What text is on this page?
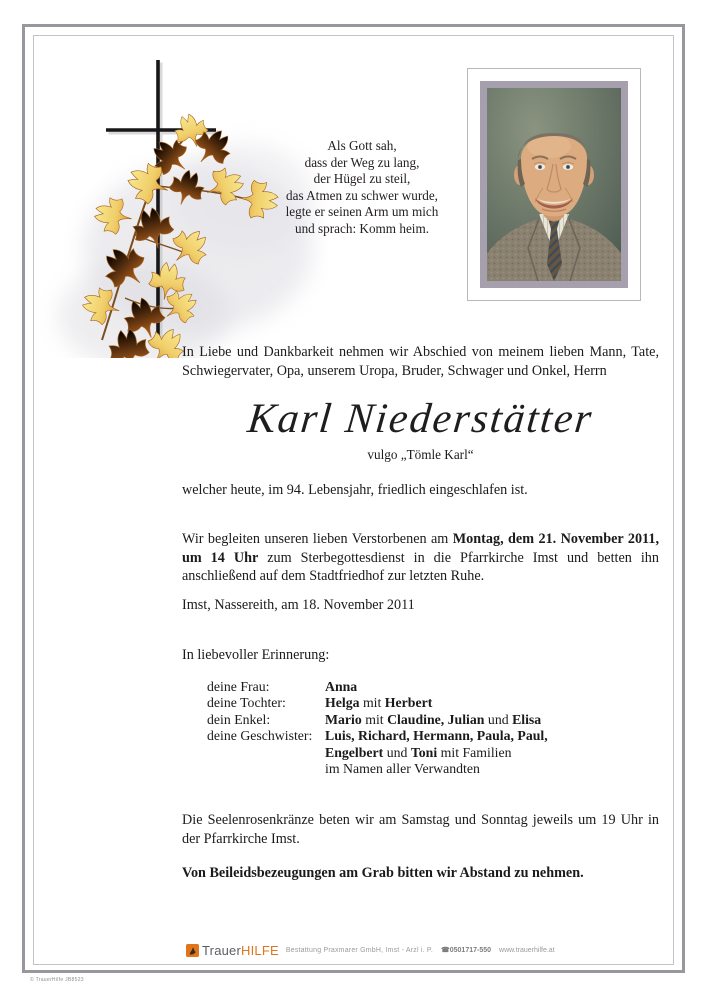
Als Gott sah,
dass der Weg zu lang,
der Hügel zu steil,
das Atmen zu schwer wurde,
legte er seinen Arm um mich
und sprach: Komm heim.
In Liebe und Dankbarkeit nehmen wir Abschied von meinem lieben Mann, Tate, Schwiegervater, Opa, unserem Uropa, Bruder, Schwager und Onkel, Herrn
Karl Niederstätter
vulgo „Tömle Karl“
welcher heute, im 94. Lebensjahr, friedlich eingeschlafen ist.
Wir begleiten unseren lieben Verstorbenen am Montag, dem 21. November 2011, um 14 Uhr zum Sterbegottesdienst in die Pfarrkirche Imst und betten ihn anschließend auf dem Stadtfriedhof zur letzten Ruhe.
Imst, Nassereith, am 18. November 2011
In liebevoller Erinnerung:
deine Frau:	Anna
deine Tochter:	Helga mit Herbert
dein Enkel:	Mario mit Claudine, Julian und Elisa
deine Geschwister: Luis, Richard, Hermann, Paula, Paul,
Engelbert und Toni mit Familien
im Namen aller Verwandten
Die Seelenrosenkränze beten wir am Samstag und Sonntag jeweils um 19 Uhr in der Pfarrkirche Imst.
Von Beileidsbezeugungen am Grab bitten wir Abstand zu nehmen.
TrauerHILFE Bestattung Praxmarer GmbH, Imst - Arzl i. P. ☎0501717-550 www.trauerhilfe.at
© TrauerHilfe JB8523
